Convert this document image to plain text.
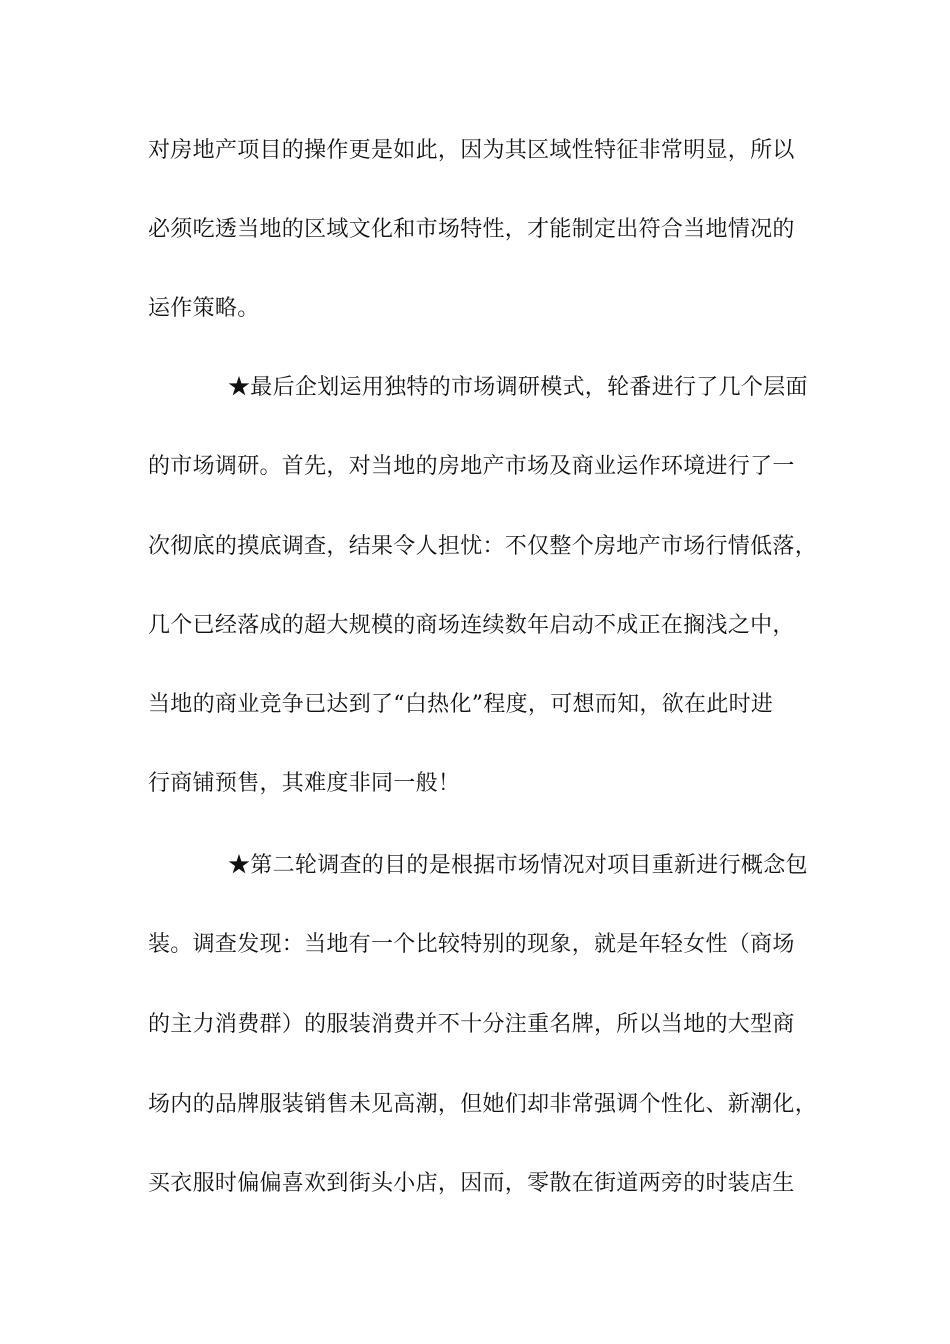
对房地产项目的操作更是如此，因为其区域性特征非常明显，所以
必须吃透当地的区域文化和市场特性，才能制定出符合当地情况的
运作策略。
★最后企划运用独特的市场调研模式，轮番进行了几个层面
的市场调研。首先，对当地的房地产市场及商业运作环境进行了一
次彻底的摸底调查，结果令人担忧：不仅整个房地产市场行情低落，
几个已经落成的超大规模的商场连续数年启动不成正在搁浅之中，
当地的商业竞争已达到了“白热化”程度，可想而知，欲在此时进
行商铺预售，其难度非同一般！
★第二轮调查的目的是根据市场情况对项目重新进行概念包
装。调查发现：当地有一个比较特别的现象，就是年轻女性（商场
的主力消费群）的服装消费并不十分注重名牌，所以当地的大型商
场内的品牌服装销售未见高潮，但她们却非常强调个性化、新潮化，
买衣服时偏偏喜欢到街头小店，因而，零散在街道两旁的时装店生
